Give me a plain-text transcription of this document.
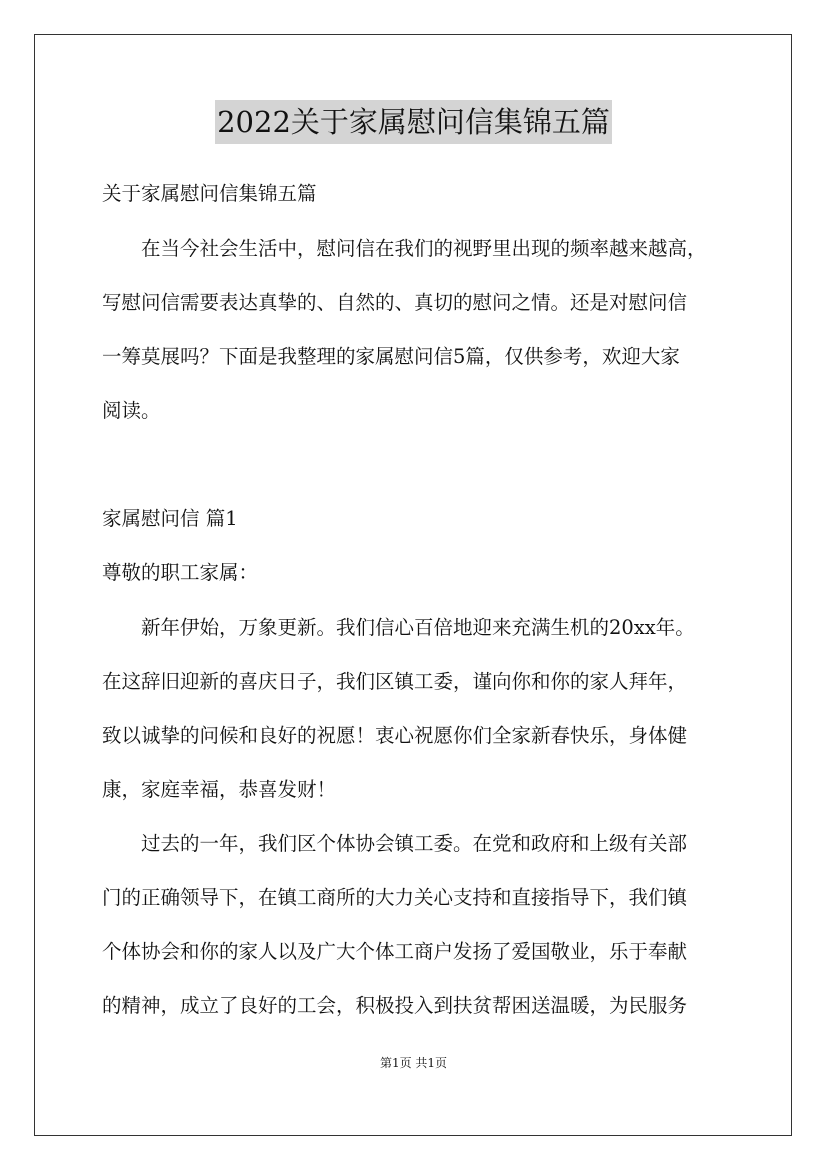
2022关于家属慰问信集锦五篇
关于家属慰问信集锦五篇
在当今社会生活中，慰问信在我们的视野里出现的频率越来越高，
写慰问信需要表达真挚的、自然的、真切的慰问之情。还是对慰问信
一筹莫展吗？下面是我整理的家属慰问信5篇，仅供参考，欢迎大家
阅读。
家属慰问信 篇1
尊敬的职工家属：
新年伊始，万象更新。我们信心百倍地迎来充满生机的20xx年。
在这辞旧迎新的喜庆日子，我们区镇工委，谨向你和你的家人拜年，
致以诚挚的问候和良好的祝愿！衷心祝愿你们全家新春快乐，身体健
康，家庭幸福，恭喜发财！
过去的一年，我们区个体协会镇工委。在党和政府和上级有关部
门的正确领导下，在镇工商所的大力关心支持和直接指导下，我们镇
个体协会和你的家人以及广大个体工商户发扬了爱国敬业，乐于奉献
的精神，成立了良好的工会，积极投入到扶贫帮困送温暖，为民服务
第1页 共1页
